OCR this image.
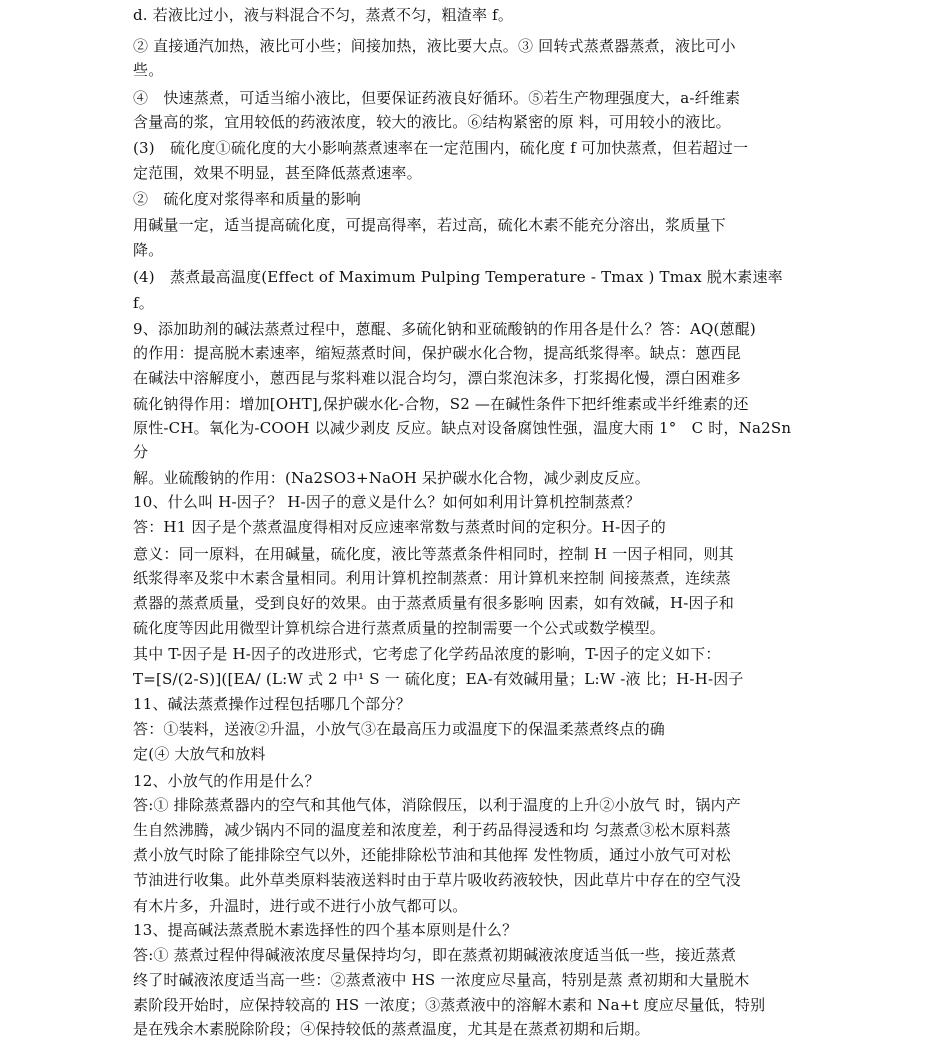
d. 若液比过小，液与料混合不匀，蒸煮不匀，粗渣率 f。
② 直接通汽加热，液比可小些；间接加热，液比要大点。③ 回转式蒸煮器蒸煮，液比可小
些。
④　快速蒸煮，可适当缩小液比，但要保证药液良好循环。⑤若生产物理强度大，a-纤维素
含量高的浆，宜用较低的药液浓度，较大的液比。⑥结构紧密的原 料，可用较小的液比。
(3)　硫化度①硫化度的大小影响蒸煮速率在一定范围内，硫化度 f 可加快蒸煮，但若超过一
定范围，效果不明显，甚至降低蒸煮速率。
②　硫化度对浆得率和质量的影响
用碱量一定，适当提高硫化度，可提高得率，若过高，硫化木素不能充分溶出，浆质量下
降。
(4)　蒸煮最高温度(Effect of Maximum Pulping Temperature - Tmax ) Tmax 脱木素速率
f。
9、添加助剂的碱法蒸煮过程中，蒽醌、多硫化钠和亚硫酸钠的作用各是什么？答：AQ(蒽醌)
的作用：提高脱木素速率，缩短蒸煮时间，保护碳水化合物，提高纸浆得率。缺点：蒽西昆
在碱法中溶解度小，蒽西昆与浆料难以混合均匀，漂白浆泡沫多，打浆揭化慢，漂白困难多
硫化钠得作用：增加[OHT],保护碳水化-合物，S2 —在碱性条件下把纤维素或半纤维素的还
原性-CH。氧化为-COOH 以减少剥皮 反应。缺点对设备腐蚀性强，温度大雨 1°　C 时，Na2Sn
分
解。业硫酸钠的作用：(Na2SO3+NaOH 呆护碳水化合物，减少剥皮反应。
10、什么叫 H-因子？ H-因子的意义是什么？如何如利用计算机控制蒸煮？
答：H1 因子是个蒸煮温度得相对反应速率常数与蒸煮时间的定积分。H-因子的
意义：同一原料，在用碱量，硫化度，液比等蒸煮条件相同时，控制 H 一因子相同，则其
纸浆得率及浆中木素含量相同。利用计算机控制蒸煮：用计算机来控制 间接蒸煮，连续蒸
煮器的蒸煮质量，受到良好的效果。由于蒸煮质量有很多影响 因素，如有效碱，H-因子和
硫化度等因此用微型计算机综合进行蒸煮质量的控制需要一个公式或数学模型。
其中 T-因子是 H-因子的改进形式，它考虑了化学药品浓度的影响，T-因子的定义如下：
T=[S/(2-S)]([EA/ (L:W 式 2 中¹ S 一 硫化度；EA-有效碱用量；L:W -液 比；H-H-因子
11、碱法蒸煮操作过程包括哪几个部分？
答：①装料，送液②升温，小放气③在最高压力或温度下的保温柔蒸煮终点的确
定(④ 大放气和放料
12、小放气的作用是什么？
答:① 排除蒸煮器内的空气和其他气体，消除假压，以利于温度的上升②小放气 时，锅内产
生自然沸腾，减少锅内不同的温度差和浓度差，利于药品得浸透和均 匀蒸煮③松木原料蒸
煮小放气时除了能排除空气以外，还能排除松节油和其他挥 发性物质，通过小放气可对松
节油进行收集。此外草类原料装液送料时由于草片吸收药液较快，因此草片中存在的空气没
有木片多，升温时，进行或不进行小放气都可以。
13、提高碱法蒸煮脱木素选择性的四个基本原则是什么？
答:① 蒸煮过程仲得碱液浓度尽量保持均匀，即在蒸煮初期碱液浓度适当低一些，接近蒸煮
终了时碱液浓度适当高一些：②蒸煮液中 HS 一浓度应尽量高，特别是蒸 煮初期和大量脱木
素阶段开始时，应保持较高的 HS 一浓度；③蒸煮液中的溶解木素和 Na+t 度应尽量低，特别
是在残余木素脱除阶段；④保持较低的蒸煮温度，尤其是在蒸煮初期和后期。
